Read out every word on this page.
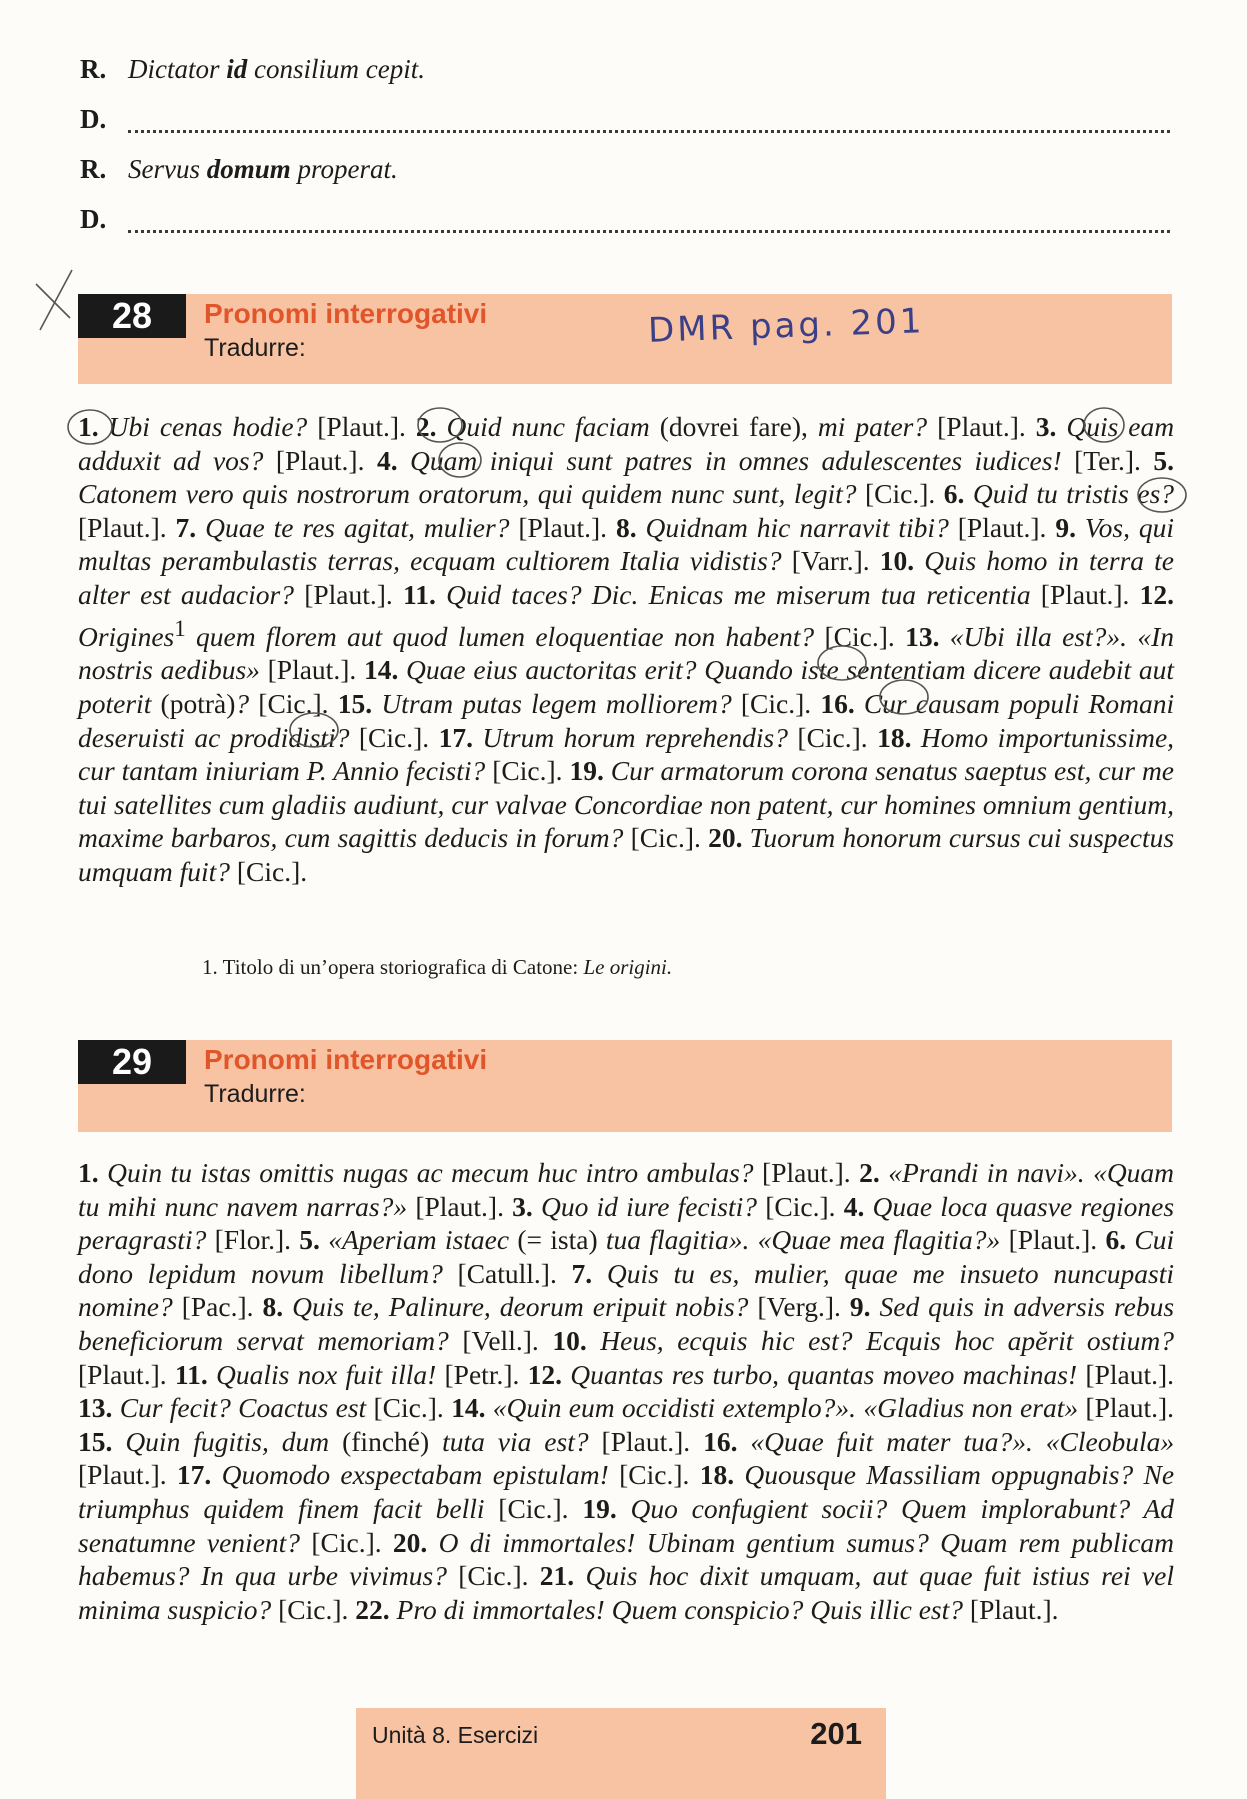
R. Dictator id consilium cepit.
D.
R. Servus domum properat.
D.
28	Pronomi interrogativi
Tradurre:	DMR pag. 201
1. Ubi cenas hodie? [Plaut.]. 2. Quid nunc faciam (dovrei fare), mi pater? [Plaut.]. 3. Quis eam adduxit ad vos? [Plaut.]. 4. Quam iniqui sunt patres in omnes adulescentes iudices! [Ter.]. 5. Catonem vero quis nostrorum oratorum, qui quidem nunc sunt, legit? [Cic.]. 6. Quid tu tristis es? [Plaut.]. 7. Quae te res agitat, mulier? [Plaut.]. 8. Quidnam hic narravit tibi? [Plaut.]. 9. Vos, qui multas perambulastis terras, ecquam cultiorem Italia vidistis? [Varr.]. 10. Quis homo in terra te alter est audacior? [Plaut.]. 11. Quid taces? Dic. Enicas me miserum tua reticentia [Plaut.]. 12. Origines$^1$ quem florem aut quod lumen eloquentiae non habent? [Cic.]. 13. «Ubi illa est?». «In nostris aedibus» [Plaut.]. 14. Quae eius auctoritas erit? Quando iste sententiam dicere audebit aut poterit (potrà)? [Cic.]. 15. Utram putas legem molliorem? [Cic.]. 16. Cur causam populi Romani deseruisti ac prodidisti? [Cic.]. 17. Utrum horum reprehendis? [Cic.]. 18. Homo importunissime, cur tantam iniuriam P. Annio fecisti? [Cic.]. 19. Cur armatorum corona senatus saeptus est, cur me tui satellites cum gladiis audiunt, cur valvae Concordiae non patent, cur homines omnium gentium, maxime barbaros, cum sagittis deducis in forum? [Cic.]. 20. Tuorum honorum cursus cui suspectus umquam fuit? [Cic.].
1. Titolo di un’opera storiografica di Catone: Le origini.
29	Pronomi interrogativi
Tradurre:
1. Quin tu istas omittis nugas ac mecum huc intro ambulas? [Plaut.]. 2. «Prandi in navi». «Quam tu mihi nunc navem narras?» [Plaut.]. 3. Quo id iure fecisti? [Cic.]. 4. Quae loca quasve regiones peragrasti? [Flor.]. 5. «Aperiam istaec (= ista) tua flagitia». «Quae mea flagitia?» [Plaut.]. 6. Cui dono lepidum novum libellum? [Catull.]. 7. Quis tu es, mulier, quae me insueto nuncupasti nomine? [Pac.]. 8. Quis te, Palinure, deorum eripuit nobis? [Verg.]. 9. Sed quis in adversis rebus beneficiorum servat memoriam? [Vell.]. 10. Heus, ecquis hic est? Ecquis hoc apĕrit ostium? [Plaut.]. 11. Qualis nox fuit illa! [Petr.]. 12. Quantas res turbo, quantas moveo machinas! [Plaut.]. 13. Cur fecit? Coactus est [Cic.]. 14. «Quin eum occidisti extemplo?». «Gladius non erat» [Plaut.]. 15. Quin fugitis, dum (finché) tuta via est? [Plaut.]. 16. «Quae fuit mater tua?». «Cleobula» [Plaut.]. 17. Quomodo exspectabam epistulam! [Cic.]. 18. Quousque Massiliam oppugnabis? Ne triumphus quidem finem facit belli [Cic.]. 19. Quo confugient socii? Quem implorabunt? Ad senatumne venient? [Cic.]. 20. O di immortales! Ubinam gentium sumus? Quam rem publicam habemus? In qua urbe vivimus? [Cic.]. 21. Quis hoc dixit umquam, aut quae fuit istius rei vel minima suspicio? [Cic.]. 22. Pro di immortales! Quem conspicio? Quis illic est? [Plaut.].
Unità 8. Esercizi	201
